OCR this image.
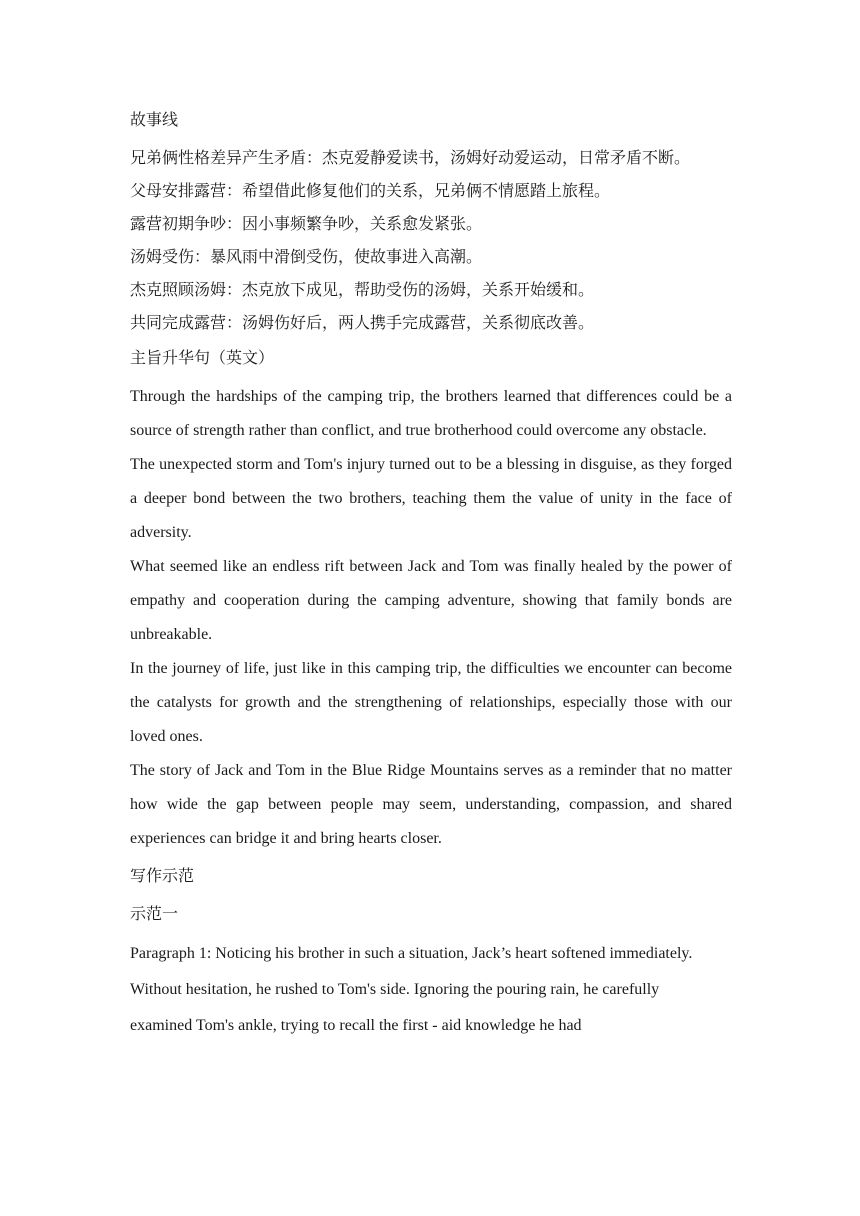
故事线
兄弟俩性格差异产生矛盾：杰克爱静爱读书，汤姆好动爱运动，日常矛盾不断。
父母安排露营：希望借此修复他们的关系，兄弟俩不情愿踏上旅程。
露营初期争吵：因小事频繁争吵，关系愈发紧张。
汤姆受伤：暴风雨中滑倒受伤，使故事进入高潮。
杰克照顾汤姆：杰克放下成见，帮助受伤的汤姆，关系开始缓和。
共同完成露营：汤姆伤好后，两人携手完成露营，关系彻底改善。
主旨升华句（英文）

Through the hardships of the camping trip, the brothers learned that differences could be a source of strength rather than conflict, and true brotherhood could overcome any obstacle.

The unexpected storm and Tom's injury turned out to be a blessing in disguise, as they forged a deeper bond between the two brothers, teaching them the value of unity in the face of adversity.

What seemed like an endless rift between Jack and Tom was finally healed by the power of empathy and cooperation during the camping adventure, showing that family bonds are unbreakable.

In the journey of life, just like in this camping trip, the difficulties we encounter can become the catalysts for growth and the strengthening of relationships, especially those with our loved ones.

The story of Jack and Tom in the Blue Ridge Mountains serves as a reminder that no matter how wide the gap between people may seem, understanding, compassion, and shared experiences can bridge it and bring hearts closer.

写作示范
示范一

Paragraph 1: Noticing his brother in such a situation, Jack’s heart softened immediately. Without hesitation, he rushed to Tom's side. Ignoring the pouring rain, he carefully examined Tom's ankle, trying to recall the first - aid knowledge he had
